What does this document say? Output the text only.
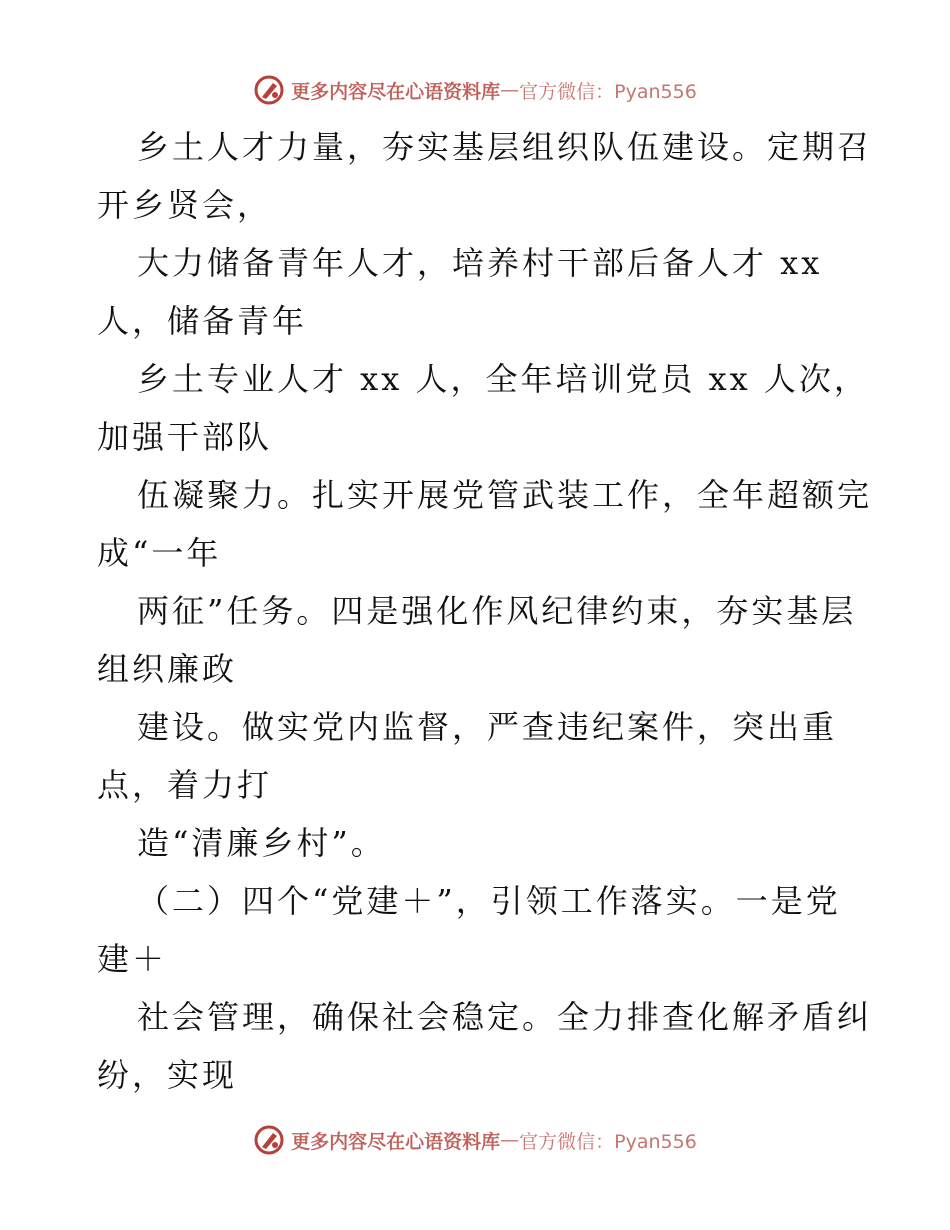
更多内容尽在心语资料库 — 官方微信：Pyan556
乡土人才力量，夯实基层组织队伍建设。定期召
开乡贤会，
大力储备青年人才，培养村干部后备人才 xx
人，储备青年
乡土专业人才 xx 人，全年培训党员 xx 人次，
加强干部队
伍凝聚力。扎实开展党管武装工作，全年超额完
成“一年
两征”任务。四是强化作风纪律约束，夯实基层
组织廉政
建设。做实党内监督，严查违纪案件，突出重
点，着力打
造“清廉乡村”。
（二）四个“党建＋”，引领工作落实。一是党
建＋
社会管理，确保社会稳定。全力排查化解矛盾纠
纷，实现
更多内容尽在心语资料库 — 官方微信：Pyan556
